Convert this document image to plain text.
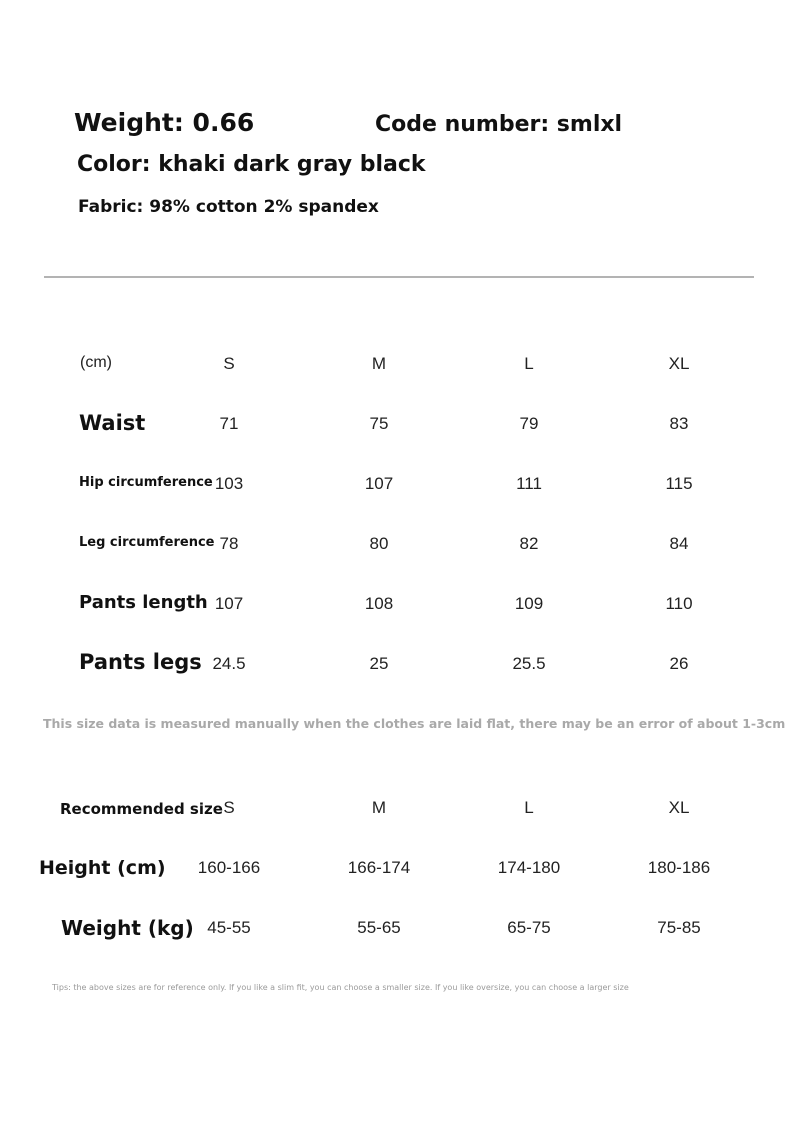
Weight: 0.66	Code number: smlxl
Color: khaki dark gray black
Fabric: 98% cotton 2% spandex
(cm)	S	M	L	XL
Waist	71	75	79	83
Hip circumference 103	107	111	115
Leg circumference 78	80	82	84
Pants length 107	108	109	110
Pants legs 24.5	25	25.5	26
This size data is measured manually when the clothes are laid flat, there may be an error of about 1-3cm
Recommended size S	M	L	XL
Height (cm) 160-166	166-174	174-180	180-186
Weight (kg) 45-55	55-65	65-75	75-85
Tips: the above sizes are for reference only. If you like a slim fit, you can choose a smaller size. If you like oversize, you can choose a larger size
